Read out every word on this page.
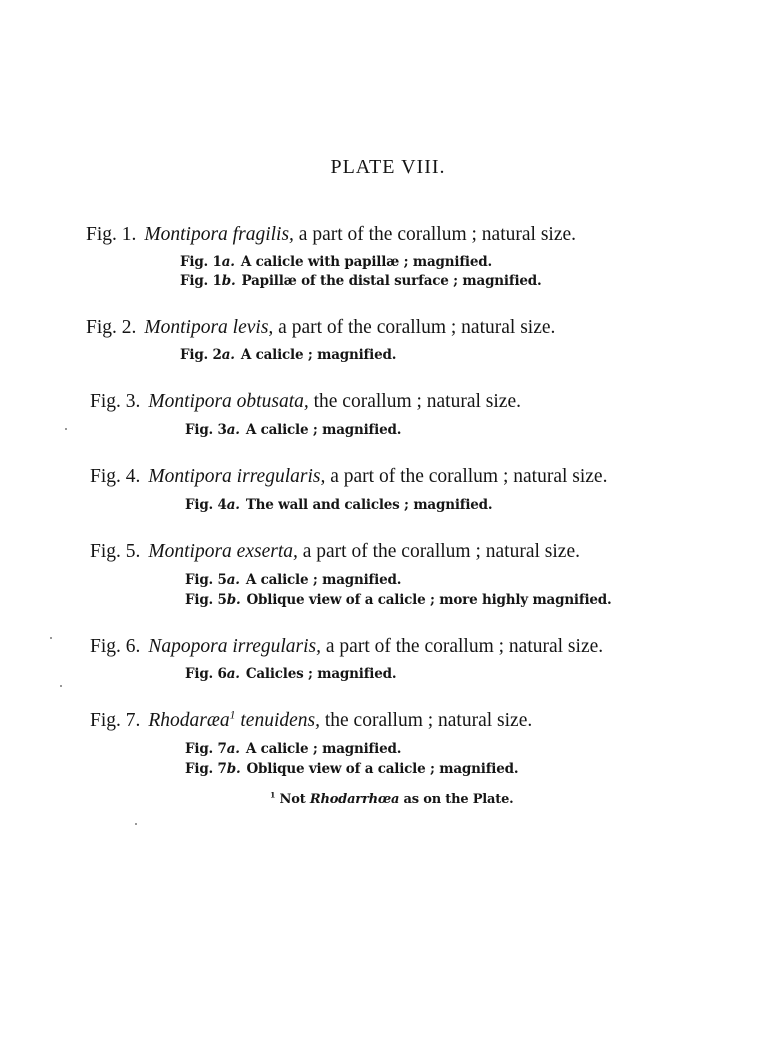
PLATE VIII.
Fig. 1. Montipora fragilis, a part of the corallum ; natural size.
Fig. 1a. A calicle with papillæ ; magnified.
Fig. 1b. Papillæ of the distal surface ; magnified.
Fig. 2. Montipora levis, a part of the corallum ; natural size.
Fig. 2a. A calicle ; magnified.
Fig. 3. Montipora obtusata, the corallum ; natural size.
Fig. 3a. A calicle ; magnified.
Fig. 4. Montipora irregularis, a part of the corallum ; natural size.
Fig. 4a. The wall and calicles ; magnified.
Fig. 5. Montipora exserta, a part of the corallum ; natural size.
Fig. 5a. A calicle ; magnified.
Fig. 5b. Oblique view of a calicle ; more highly magnified.
Fig. 6. Napopora irregularis, a part of the corallum ; natural size.
Fig. 6a. Calicles ; magnified.
Fig. 7. Rhodaræa$^1$ tenuidens, the corallum ; natural size.
Fig. 7a. A calicle ; magnified.
Fig. 7b. Oblique view of a calicle ; magnified.
$^1$ Not Rhodarrhœa as on the Plate.
